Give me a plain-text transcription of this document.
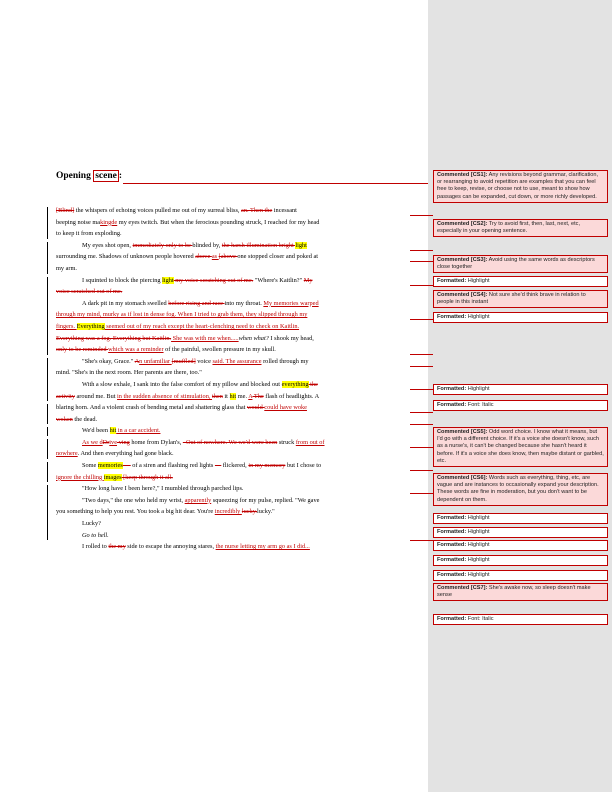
Opening scene :

[Blind] the whispers of echoing voices pulled me out of my surreal bliss, an. Then the incessant

beeping noise makingde my eyes twitch. But when the ferocious pounding struck, I reached for my head

to keep it from exploding.

My eyes shot open, immediately only to be blinded by, the harsh illumination bright light

surrounding me. Shadows of unknown people hovered above as [above one stopped closer and poked at

my arm.

I squinted to block the piercing light my voice scratching out of me. "Where's Kaitlin?" My

voice scratched out of me.

A dark pit in my stomach swelled before rising and race into my throat. My memories warped

through my mind, murky as if lost in dense fog. When I tried to grab them, they slipped through my

fingers. Everything seemed out of my reach except the heart-clenching need to check on Kaitlin.

Everything was a fog. Everything but Kaitlin. She was with me when.....when what? I shook my head,

only to be reminded which was a reminder of the painful, swollen pressure in my skull.

"She's okay, Grace." An unfamiliar [muffled] voice said. The assurance rolled through my

mind. "She's in the next room. Her parents are there, too."

With a slow exhale, I sank into the false comfort of my pillow and blocked out everything the

activity around me. But in the sudden absence of stimulation, then it hit me. A The flash of headlights. A

blaring horn. And a violent crash of bending metal and shattering glass that would could have woke

woken the dead.

We'd been hit in a car accident.

As we dDrive ving home from Dylan's, –Out of nowhere. We we'd were been struck from out of

nowhere. And then everything had gone black.

Some memories — of a siren and flashing red lights — flickered, in my memory but I chose to

ignore the chilling images [keep through it all.

"How long have I been here?," I mumbled through parched lips.

"Two days," the one who held my wrist, apparently squeezing for my pulse, replied. "We gave

you something to help you rest. You took a big hit dear. You're incredibly lucky.lucky."

Lucky?

Go to hell.

I rolled to the my side to escape the annoying stares, the nurse letting my arm go as I did...

Commented [CS1]: Any revisions beyond grammar, clarification, or rearranging to avoid repetition are examples that you can feel free to keep, revise, or choose not to use, meant to show how passages can be expanded, cut down, or more richly developed.
Commented [CS2]: Try to avoid first, then, last, next, etc, especially in your opening sentence.
Commented [CS3]: Avoid using the same words as descriptors close together
Formatted: Highlight
Commented [CS4]: Not sure she'd think brave in relation to people in this instant
Formatted: Highlight
Formatted: Highlight
Formatted: Font: Italic
Commented [CS5]: Odd word choice. I know what it means, but I'd go with a different choice. If it's a voice she doesn't know, such as a nurse's, it can't be changed because she hasn't heard it before. If it's a voice she does know, then maybe distant or garbled, etc.
Commented [CS6]: Words such as everything, thing, etc, are vague and are instances to occasionally expand your description. These words are fine in moderation, but you don't want to be dependent on them.
Formatted: Highlight
Formatted: Highlight
Formatted: Highlight
Formatted: Highlight
Formatted: Highlight
Commented [CS7]: She's awake now, so sleep doesn't make sense
Formatted: Font: Italic
